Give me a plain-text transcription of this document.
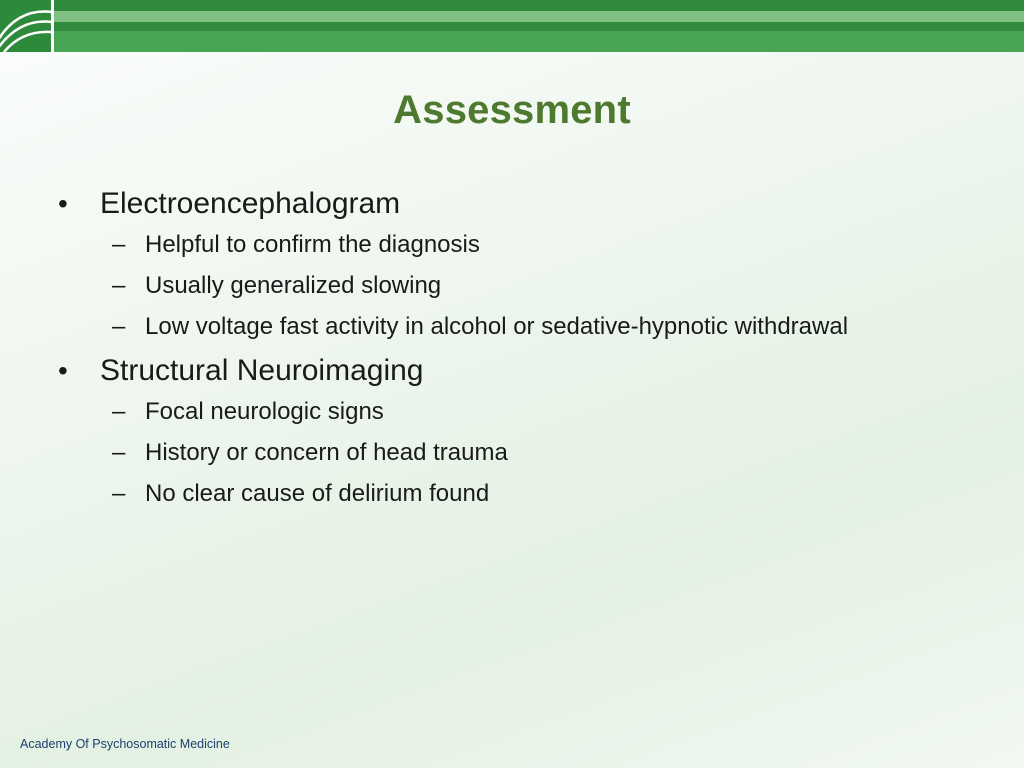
Assessment
• Electroencephalogram
– Helpful to confirm the diagnosis
– Usually generalized slowing
– Low voltage fast activity in alcohol or sedative-hypnotic withdrawal
• Structural Neuroimaging
– Focal neurologic signs
– History or concern of head trauma
– No clear cause of delirium found
Academy Of Psychosomatic Medicine
